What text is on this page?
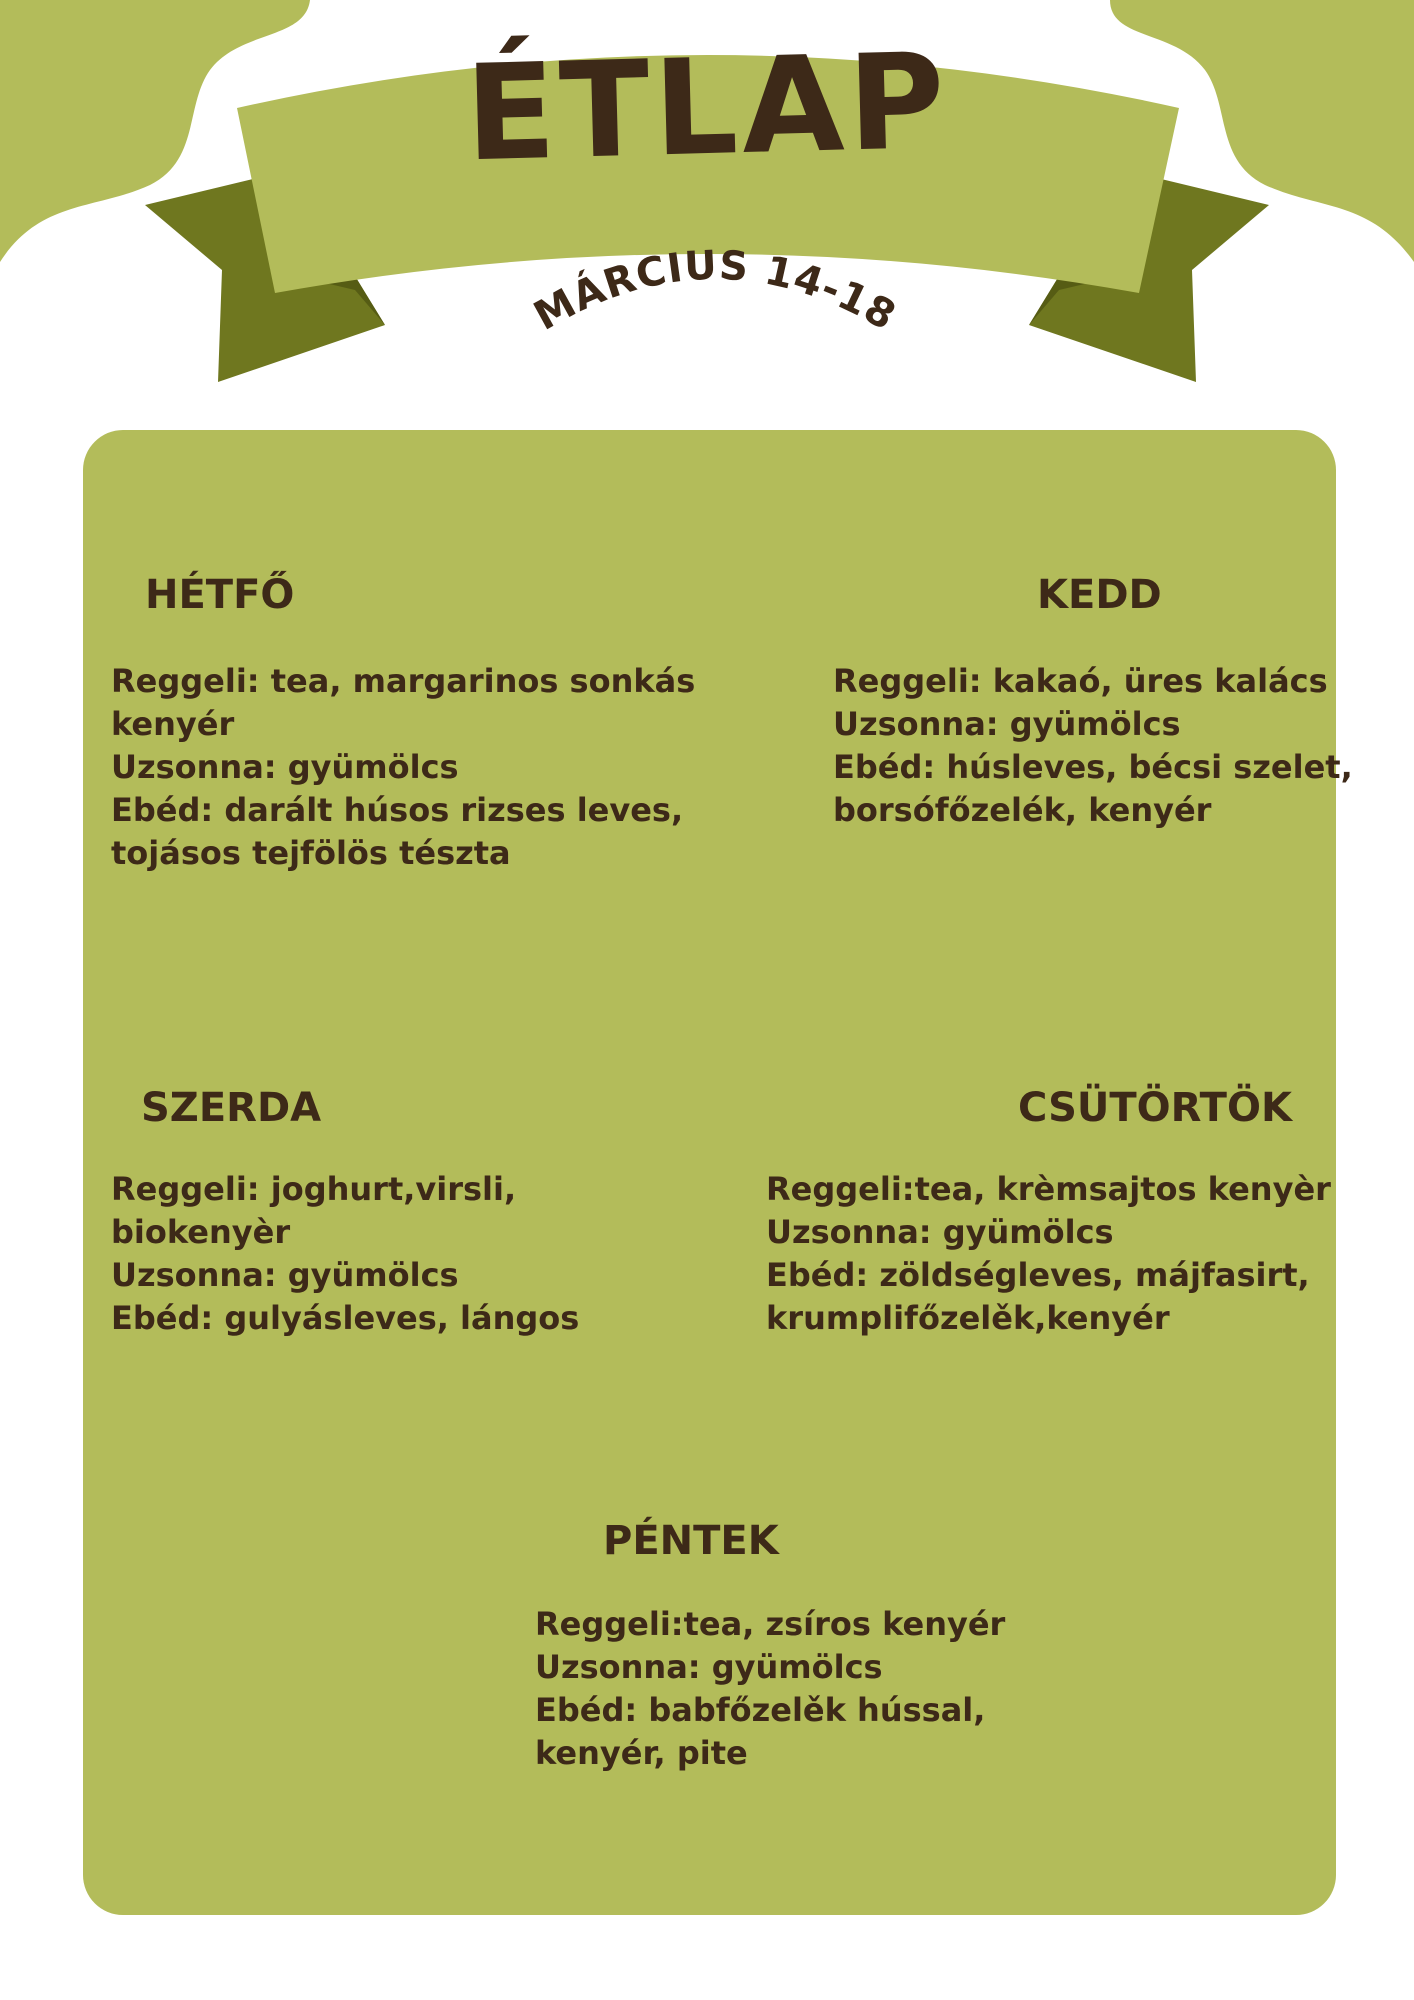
MÁRCIUS 14-18
ÉTLAP
HÉTFŐ
Reggeli: tea, margarinos sonkás
kenyér
Uzsonna: gyümölcs
Ebéd: darált húsos rizses leves,
tojásos tejfölös tészta
KEDD
Reggeli: kakaó, üres kalács
Uzsonna: gyümölcs
Ebéd: húsleves, bécsi szelet,
borsófőzelék, kenyér
SZERDA
Reggeli: joghurt,virsli,
biokenyèr
Uzsonna: gyümölcs
Ebéd: gulyásleves, lángos
CSÜTÖRTÖK
Reggeli:tea, krèmsajtos kenyèr
Uzsonna: gyümölcs
Ebéd: zöldségleves, májfasirt,
krumplifőzelěk,kenyér
PÉNTEK
Reggeli:tea, zsíros kenyér
Uzsonna: gyümölcs
Ebéd: babfőzelěk hússal,
kenyér, pite
